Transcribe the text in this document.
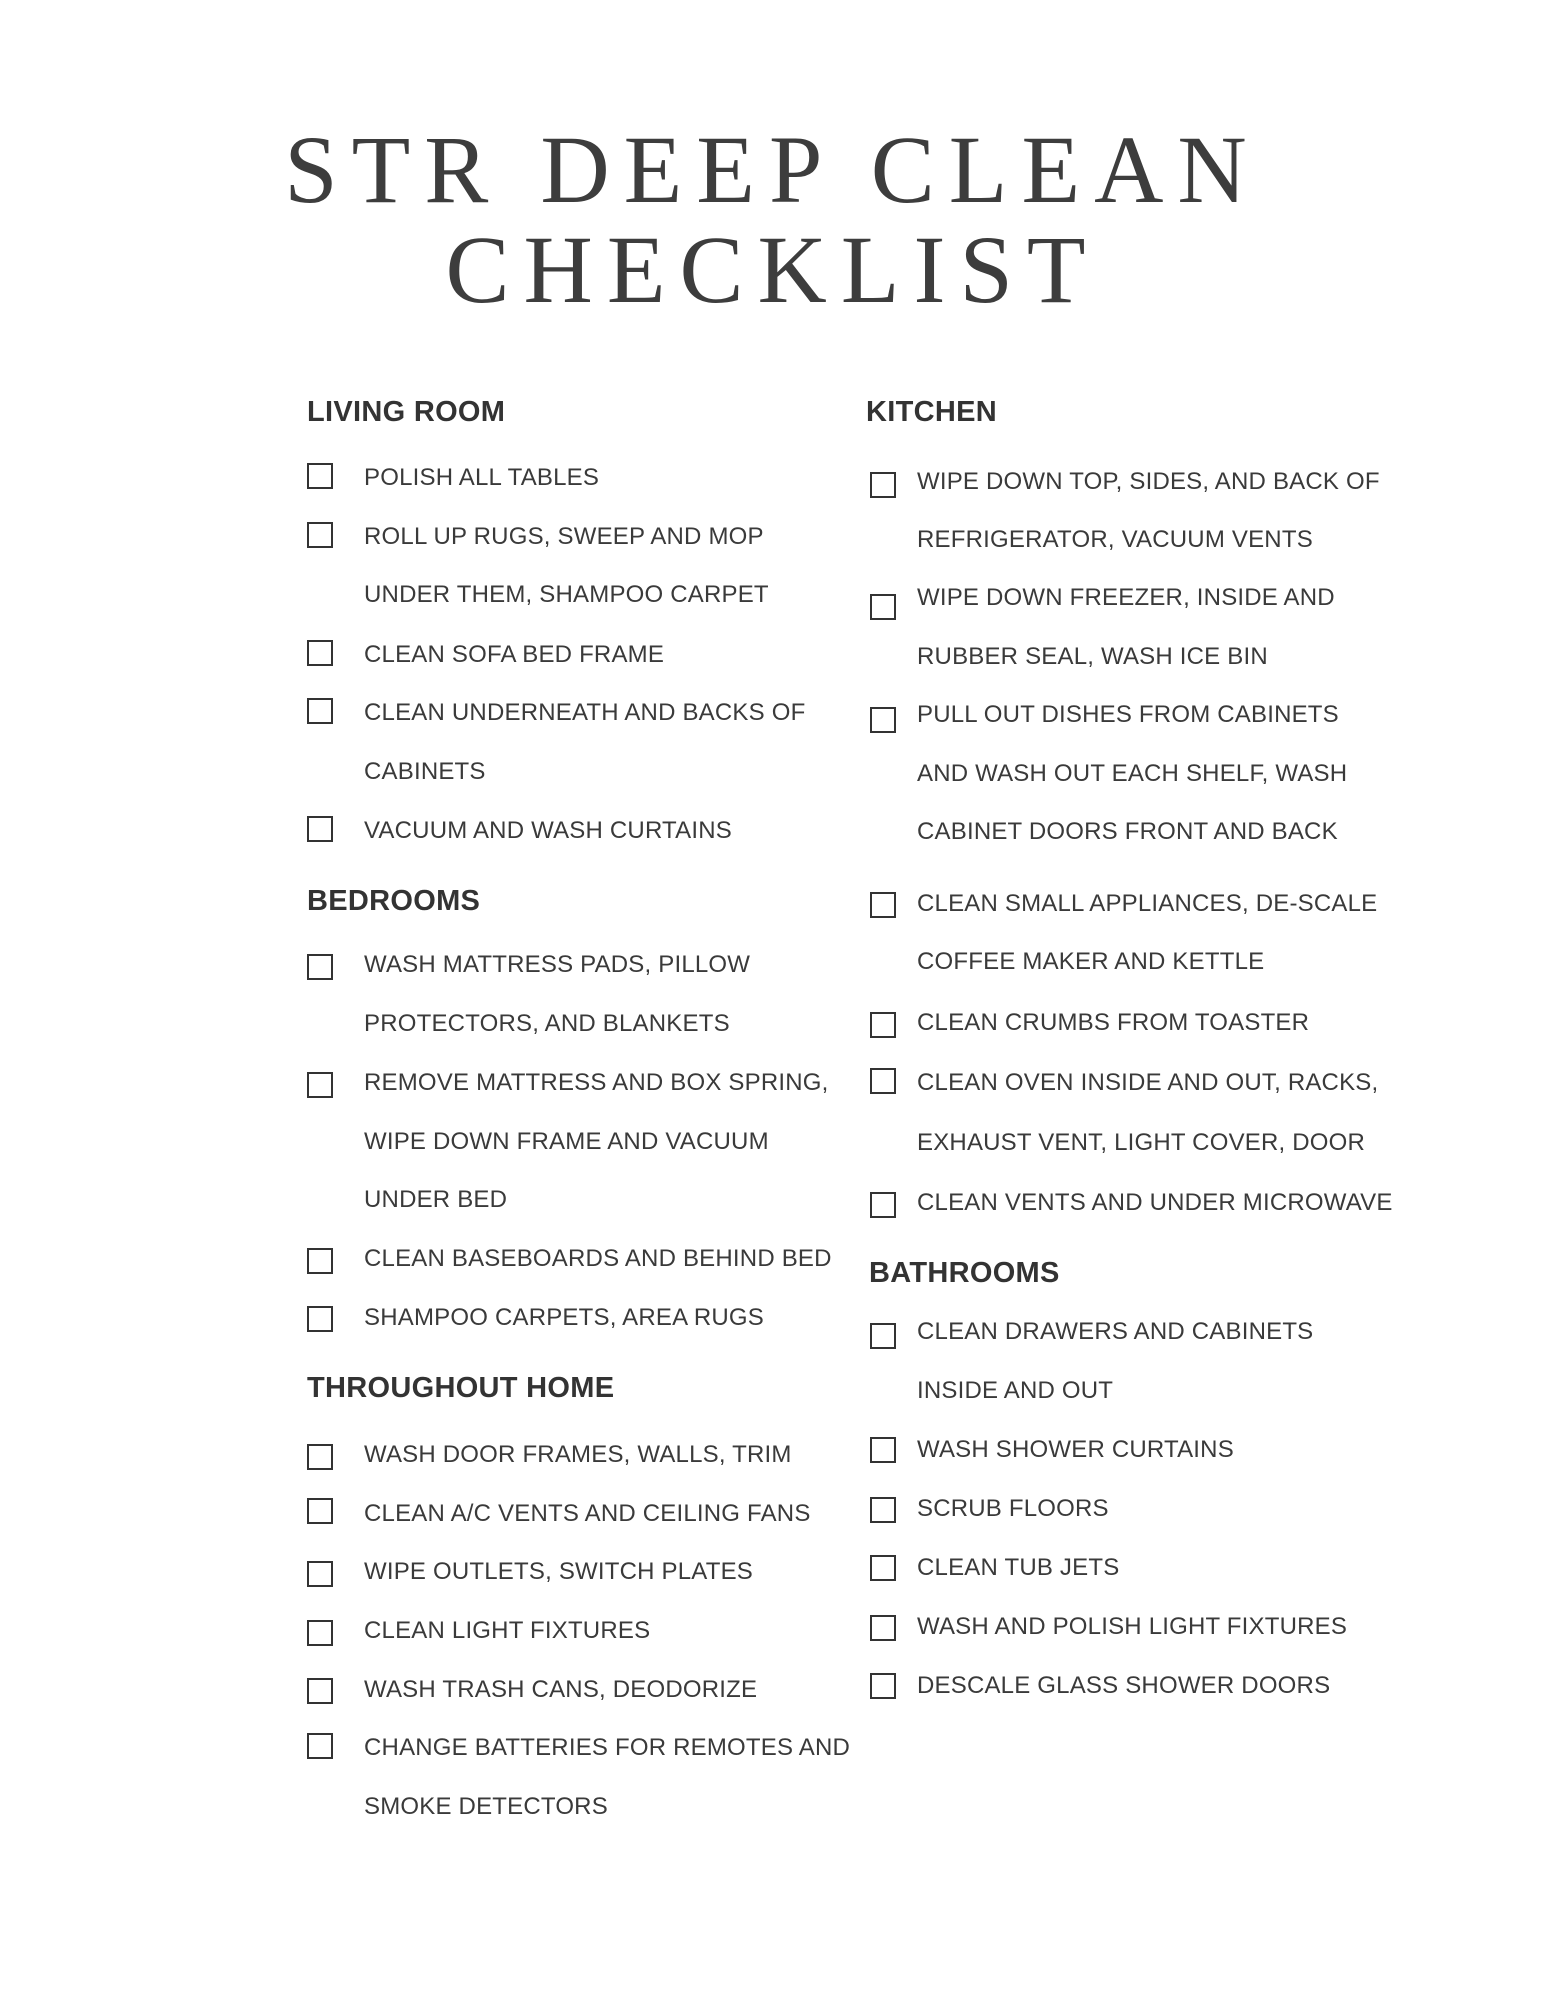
STR DEEP CLEAN
CHECKLIST
LIVING ROOM
POLISH ALL TABLES
ROLL UP RUGS, SWEEP AND MOP
UNDER THEM, SHAMPOO CARPET
CLEAN SOFA BED FRAME
CLEAN UNDERNEATH AND BACKS OF
CABINETS
VACUUM AND WASH CURTAINS
BEDROOMS
WASH MATTRESS PADS, PILLOW
PROTECTORS, AND BLANKETS
REMOVE MATTRESS AND BOX SPRING,
WIPE DOWN FRAME AND VACUUM
UNDER BED
CLEAN BASEBOARDS AND BEHIND BED
SHAMPOO CARPETS, AREA RUGS
THROUGHOUT HOME
WASH DOOR FRAMES, WALLS, TRIM
CLEAN A/C VENTS AND CEILING FANS
WIPE OUTLETS, SWITCH PLATES
CLEAN LIGHT FIXTURES
WASH TRASH CANS, DEODORIZE
CHANGE BATTERIES FOR REMOTES AND
SMOKE DETECTORS
KITCHEN
WIPE DOWN TOP, SIDES, AND BACK OF
REFRIGERATOR, VACUUM VENTS
WIPE DOWN FREEZER, INSIDE AND
RUBBER SEAL, WASH ICE BIN
PULL OUT DISHES FROM CABINETS
AND WASH OUT EACH SHELF, WASH
CABINET DOORS FRONT AND BACK
CLEAN SMALL APPLIANCES, DE-SCALE
COFFEE MAKER AND KETTLE
CLEAN CRUMBS FROM TOASTER
CLEAN OVEN INSIDE AND OUT, RACKS,
EXHAUST VENT, LIGHT COVER, DOOR
CLEAN VENTS AND UNDER MICROWAVE
BATHROOMS
CLEAN DRAWERS AND CABINETS
INSIDE AND OUT
WASH SHOWER CURTAINS
SCRUB FLOORS
CLEAN TUB JETS
WASH AND POLISH LIGHT FIXTURES
DESCALE GLASS SHOWER DOORS
